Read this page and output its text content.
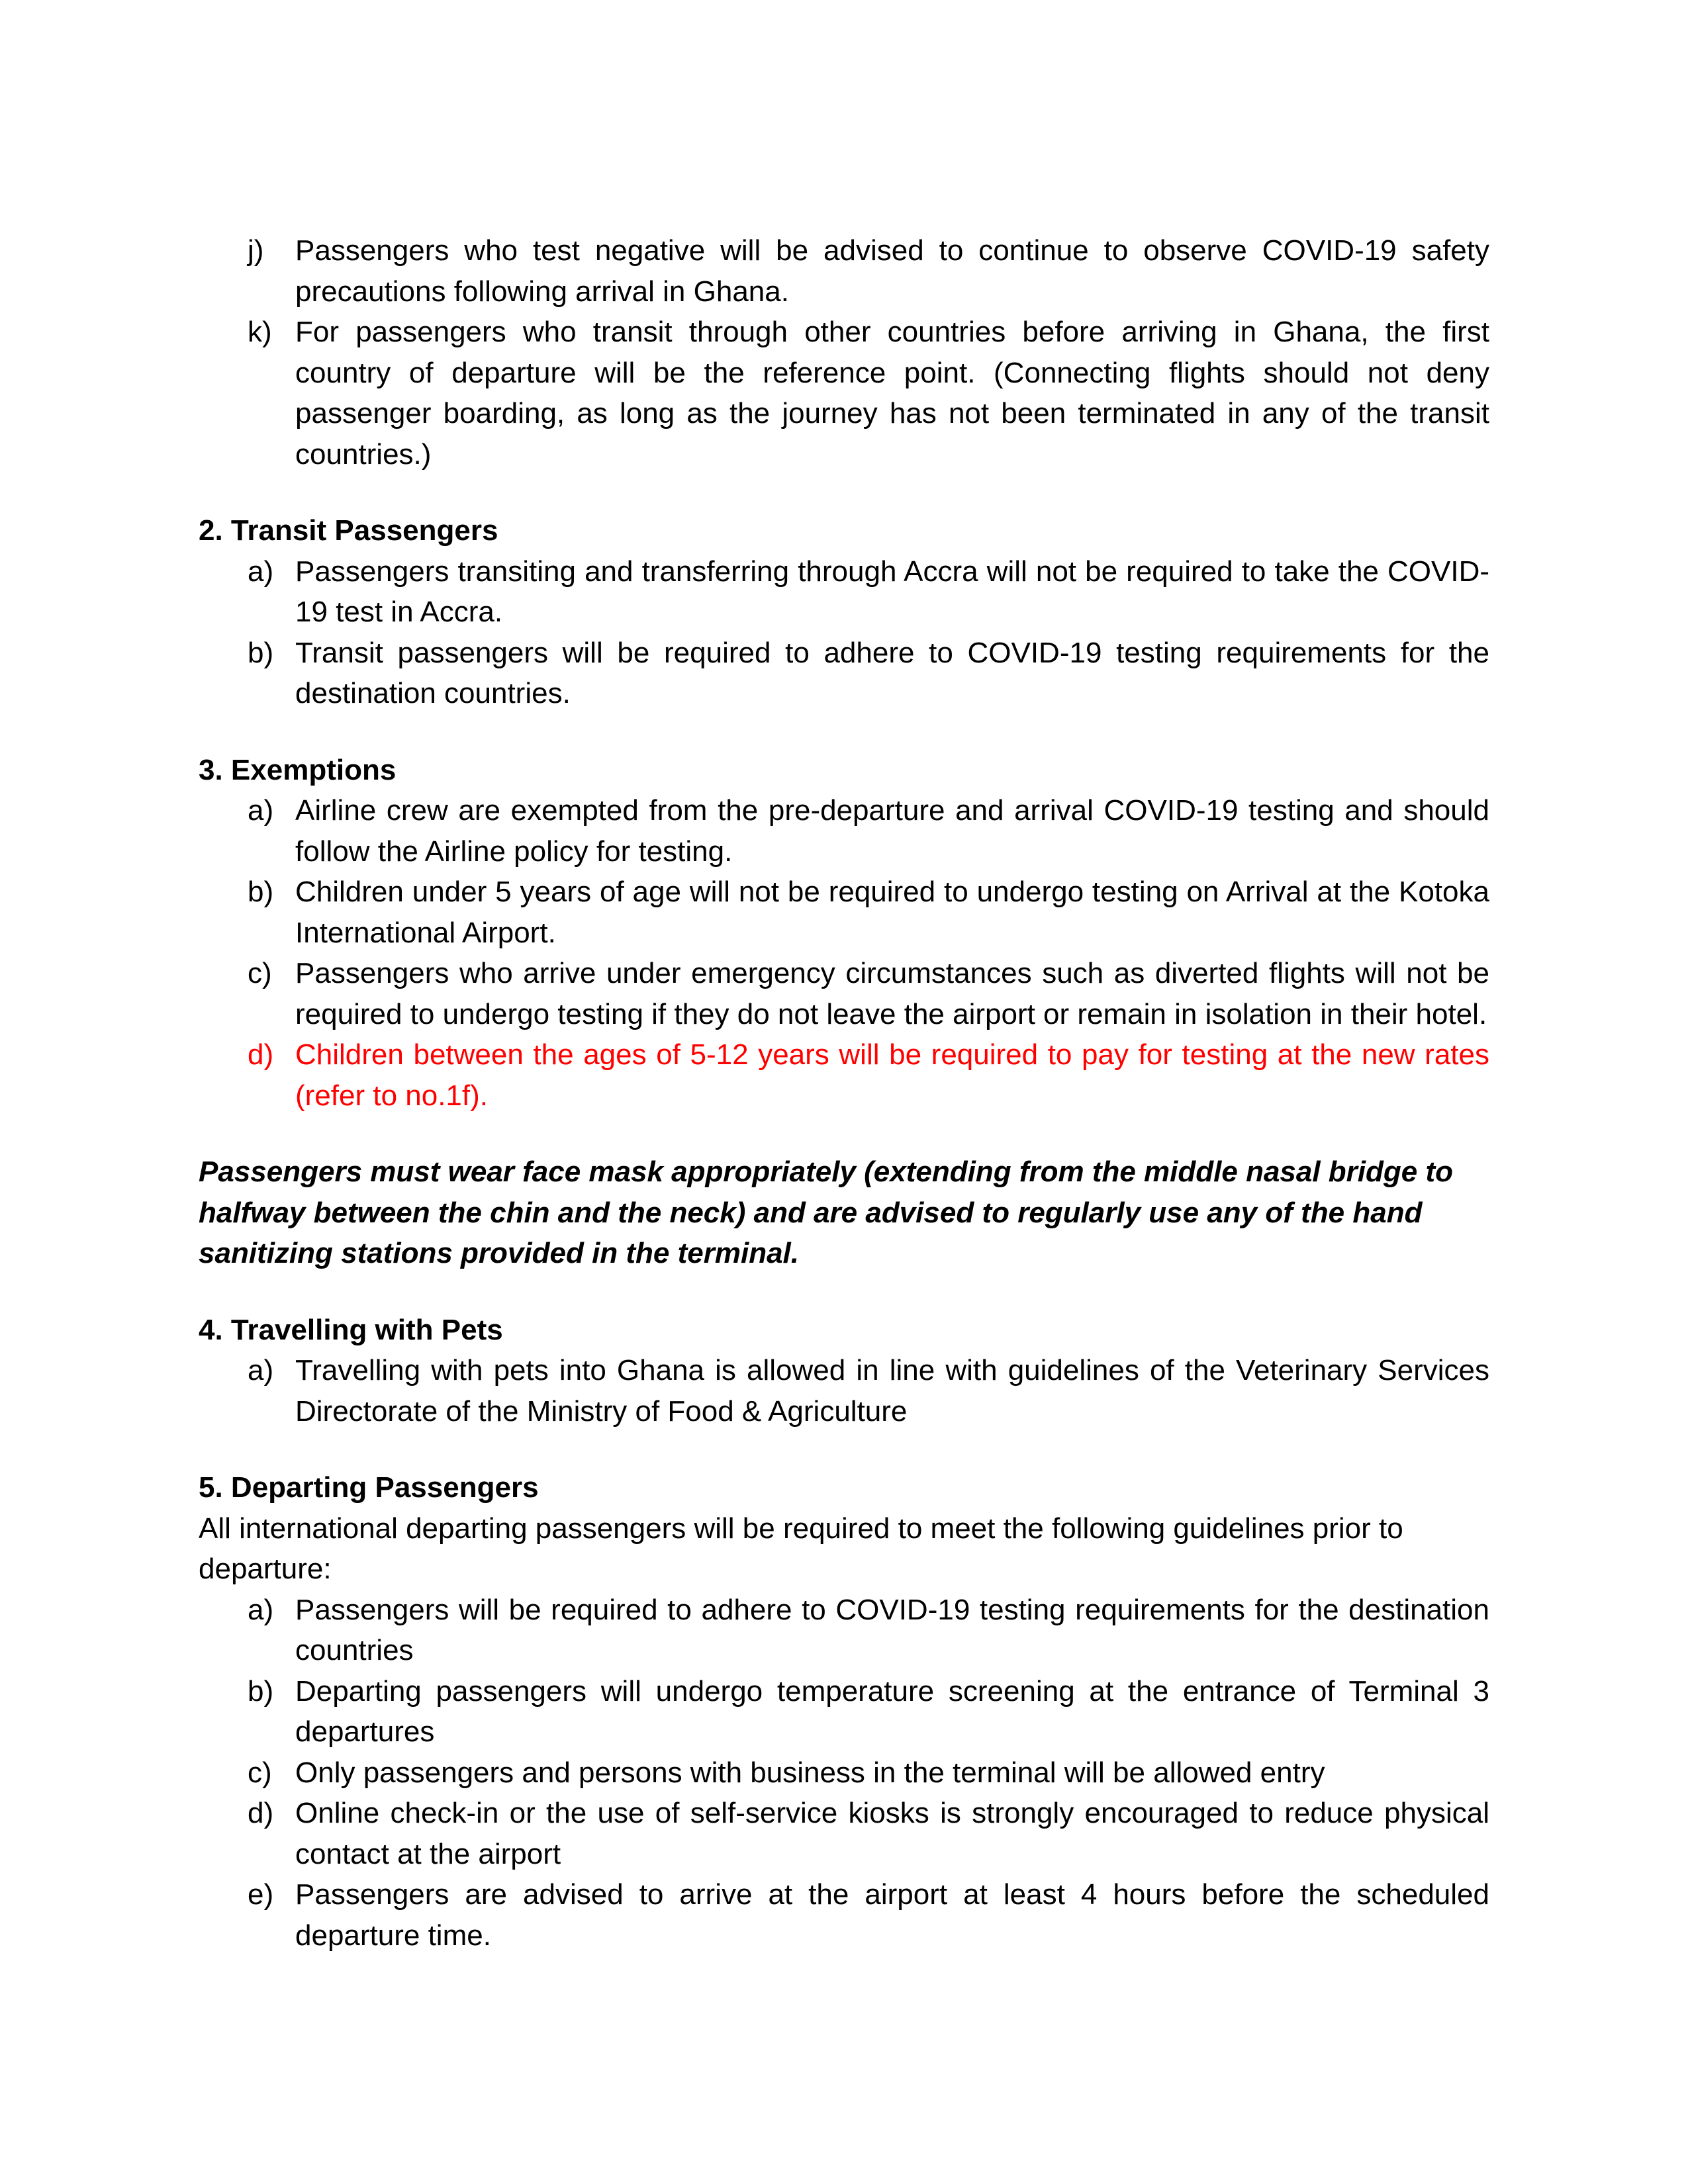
j)	Passengers who test negative will be advised to continue to observe COVID-19 safety precautions following arrival in Ghana.
k) For passengers who transit through other countries before arriving in Ghana, the first country of departure will be the reference point. (Connecting flights should not deny passenger boarding, as long as the journey has not been terminated in any of the transit countries.)

2. Transit Passengers

a) Passengers transiting and transferring through Accra will not be required to take the COVID-19 test in Accra.
b) Transit passengers will be required to adhere to COVID-19 testing requirements for the destination countries.

3. Exemptions

a) Airline crew are exempted from the pre-departure and arrival COVID-19 testing and should follow the Airline policy for testing.
b) Children under 5 years of age will not be required to undergo testing on Arrival at the Kotoka International Airport.
c) Passengers who arrive under emergency circumstances such as diverted flights will not be required to undergo testing if they do not leave the airport or remain in isolation in their hotel.
d) Children between the ages of 5-12 years will be required to pay for testing at the new rates (refer to no.1f).

Passengers must wear face mask appropriately (extending from the middle nasal bridge to halfway between the chin and the neck) and are advised to regularly use any of the hand sanitizing stations provided in the terminal.

4. Travelling with Pets

a) Travelling with pets into Ghana is allowed in line with guidelines of the Veterinary Services Directorate of the Ministry of Food & Agriculture

5. Departing Passengers

All international departing passengers will be required to meet the following guidelines prior to departure:

a) Passengers will be required to adhere to COVID-19 testing requirements for the destination countries
b) Departing passengers will undergo temperature screening at the entrance of Terminal 3 departures
c) Only passengers and persons with business in the terminal will be allowed entry
d) Online check-in or the use of self-service kiosks is strongly encouraged to reduce physical contact at the airport
e) Passengers are advised to arrive at the airport at least 4 hours before the scheduled departure time.
